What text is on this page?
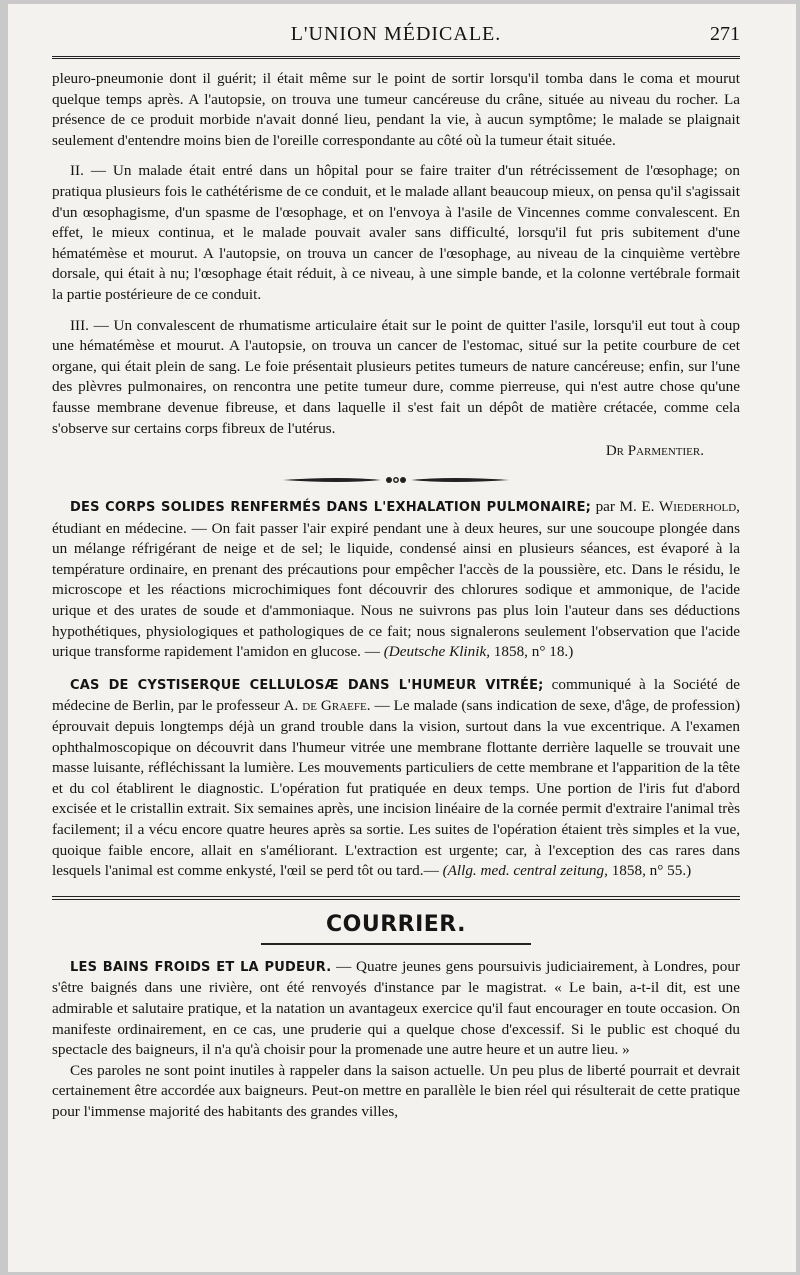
L'UNION MÉDICALE.	271

pleuro-pneumonie dont il guérit; il était même sur le point de sortir lorsqu'il tomba dans le coma et mourut quelque temps après. A l'autopsie, on trouva une tumeur cancéreuse du crâne, située au niveau du rocher. La présence de ce produit morbide n'avait donné lieu, pendant la vie, à aucun symptôme; le malade se plaignait seulement d'entendre moins bien de l'oreille correspondante au côté où la tumeur était située.

II. — Un malade était entré dans un hôpital pour se faire traiter d'un rétrécissement de l'œsophage; on pratiqua plusieurs fois le cathétérisme de ce conduit, et le malade allant beaucoup mieux, on pensa qu'il s'agissait d'un œsophagisme, d'un spasme de l'œsophage, et on l'envoya à l'asile de Vincennes comme convalescent. En effet, le mieux continua, et le malade pouvait avaler sans difficulté, lorsqu'il fut pris subitement d'une hématémèse et mourut. A l'autopsie, on trouva un cancer de l'œsophage, au niveau de la cinquième vertèbre dorsale, qui était à nu; l'œsophage était réduit, à ce niveau, à une simple bande, et la colonne vertébrale formait la partie postérieure de ce conduit.

III. — Un convalescent de rhumatisme articulaire était sur le point de quitter l'asile, lorsqu'il eut tout à coup une hématémèse et mourut. A l'autopsie, on trouva un cancer de l'estomac, situé sur la petite courbure de cet organe, qui était plein de sang. Le foie présentait plusieurs petites tumeurs de nature cancéreuse; enfin, sur l'une des plèvres pulmonaires, on rencontra une petite tumeur dure, comme pierreuse, qui n'est autre chose qu'une fausse membrane devenue fibreuse, et dans laquelle il s'est fait un dépôt de matière crétacée, comme cela s'observe sur certains corps fibreux de l'utérus.

Dr Parmentier.

DES CORPS SOLIDES RENFERMÉS DANS L'EXHALATION PULMONAIRE; par M. E. Wiederhold, étudiant en médecine. — On fait passer l'air expiré pendant une à deux heures, sur une soucoupe plongée dans un mélange réfrigérant de neige et de sel; le liquide, condensé ainsi en plusieurs séances, est évaporé à la température ordinaire, en prenant des précautions pour empêcher l'accès de la poussière, etc. Dans le résidu, le microscope et les réactions microchimiques font découvrir des chlorures sodique et ammonique, de l'acide urique et des urates de soude et d'ammoniaque. Nous ne suivrons pas plus loin l'auteur dans ses déductions hypothétiques, physiologiques et pathologiques de ce fait; nous signalerons seulement l'observation que l'acide urique transforme rapidement l'amidon en glucose. — (Deutsche Klinik, 1858, n° 18.)

CAS DE CYSTISERQUE CELLULOSÆ DANS L'HUMEUR VITRÉE; communiqué à la Société de médecine de Berlin, par le professeur A. de Graefe. — Le malade (sans indication de sexe, d'âge, de profession) éprouvait depuis longtemps déjà un grand trouble dans la vision, surtout dans la vue excentrique. A l'examen ophthalmoscopique on découvrit dans l'humeur vitrée une membrane flottante derrière laquelle se trouvait une masse luisante, réfléchissant la lumière. Les mouvements particuliers de cette membrane et l'apparition de la tête et du col établirent le diagnostic. L'opération fut pratiquée en deux temps. Une portion de l'iris fut d'abord excisée et le cristallin extrait. Six semaines après, une incision linéaire de la cornée permit d'extraire l'animal très facilement; il a vécu encore quatre heures après sa sortie. Les suites de l'opération étaient très simples et la vue, quoique faible encore, allait en s'améliorant. L'extraction est urgente; car, à l'exception des cas rares dans lesquels l'animal est comme enkysté, l'œil se perd tôt ou tard.— (Allg. med. central zeitung, 1858, n° 55.)

COURRIER.

LES BAINS FROIDS ET LA PUDEUR. — Quatre jeunes gens poursuivis judiciairement, à Londres, pour s'être baignés dans une rivière, ont été renvoyés d'instance par le magistrat. « Le bain, a-t-il dit, est une admirable et salutaire pratique, et la natation un avantageux exercice qu'il faut encourager en toute occasion. On manifeste ordinairement, en ce cas, une pruderie qui a quelque chose d'excessif. Si le public est choqué du spectacle des baigneurs, il n'a qu'à choisir pour la promenade une autre heure et un autre lieu. »

Ces paroles ne sont point inutiles à rappeler dans la saison actuelle. Un peu plus de liberté pourrait et devrait certainement être accordée aux baigneurs. Peut-on mettre en parallèle le bien réel qui résulterait de cette pratique pour l'immense majorité des habitants des grandes villes,
